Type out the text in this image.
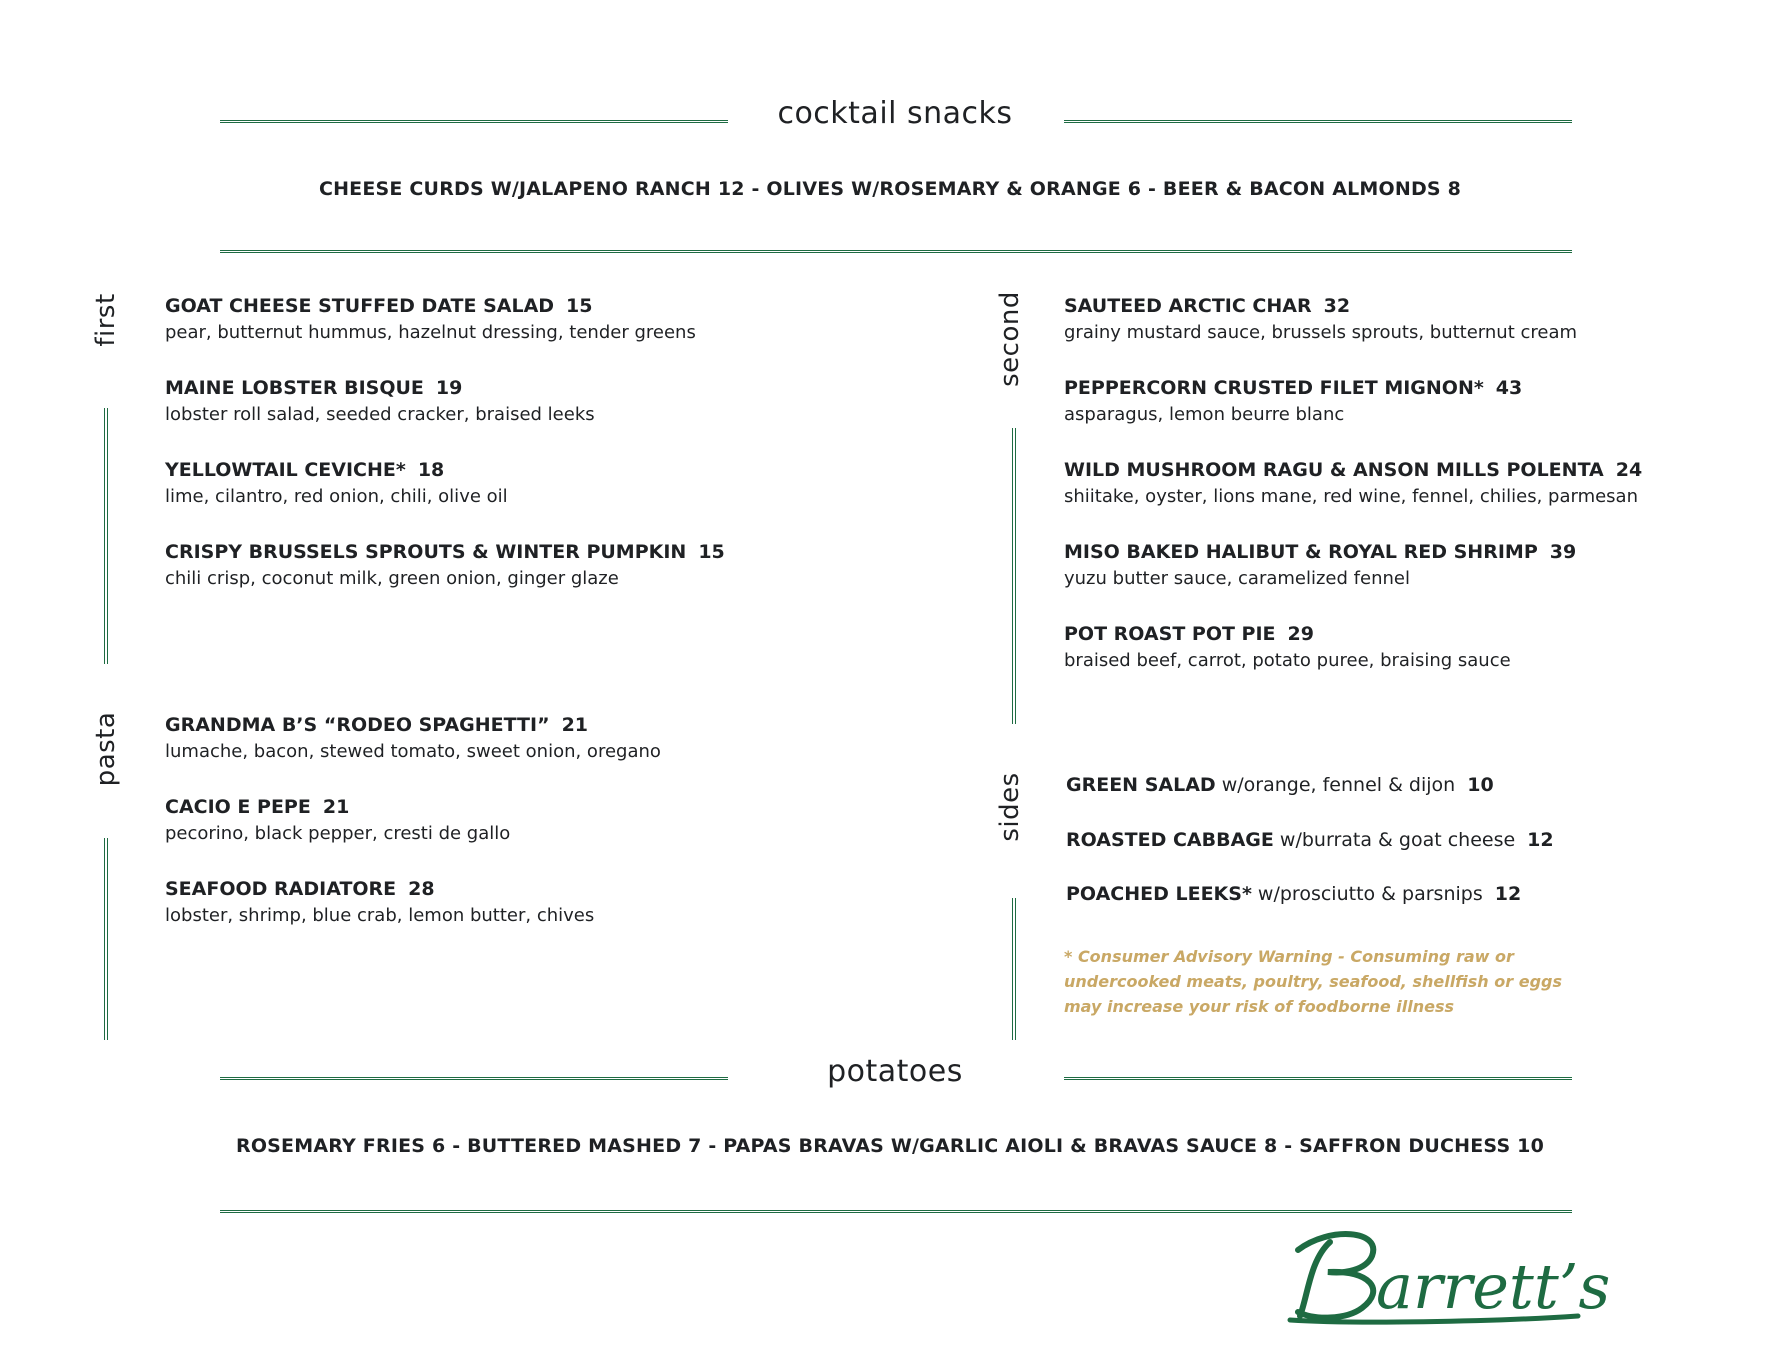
cocktail snacks
CHEESE CURDS W/JALAPENO RANCH 12 - OLIVES W/ROSEMARY & ORANGE 6 - BEER & BACON ALMONDS 8
first GOAT CHEESE STUFFED DATE SALAD 15
pear, butternut hummus, hazelnut dressing, tender greens
MAINE LOBSTER BISQUE 19
lobster roll salad, seeded cracker, braised leeks
YELLOWTAIL CEVICHE* 18
lime, cilantro, red onion, chili, olive oil
CRISPY BRUSSELS SPROUTS & WINTER PUMPKIN 15
chili crisp, coconut milk, green onion, ginger glaze
pasta GRANDMA B’S “RODEO SPAGHETTI” 21
lumache, bacon, stewed tomato, sweet onion, oregano
CACIO E PEPE 21
pecorino, black pepper, cresti de gallo
SEAFOOD RADIATORE 28
lobster, shrimp, blue crab, lemon butter, chives
second SAUTEED ARCTIC CHAR 32
grainy mustard sauce, brussels sprouts, butternut cream
PEPPERCORN CRUSTED FILET MIGNON* 43
asparagus, lemon beurre blanc
WILD MUSHROOM RAGU & ANSON MILLS POLENTA 24
shiitake, oyster, lions mane, red wine, fennel, chilies, parmesan
MISO BAKED HALIBUT & ROYAL RED SHRIMP 39
yuzu butter sauce, caramelized fennel
POT ROAST POT PIE 29
braised beef, carrot, potato puree, braising sauce
sides GREEN SALAD w/orange, fennel & dijon 10
ROASTED CABBAGE w/burrata & goat cheese 12
POACHED LEEKS* w/prosciutto & parsnips 12
* Consumer Advisory Warning - Consuming raw or undercooked meats, poultry, seafood, shellfish or eggs may increase your risk of foodborne illness
potatoes
ROSEMARY FRIES 6 - BUTTERED MASHED 7 - PAPAS BRAVAS W/GARLIC AIOLI & BRAVAS SAUCE 8 - SAFFRON DUCHESS 10
arrett’s
